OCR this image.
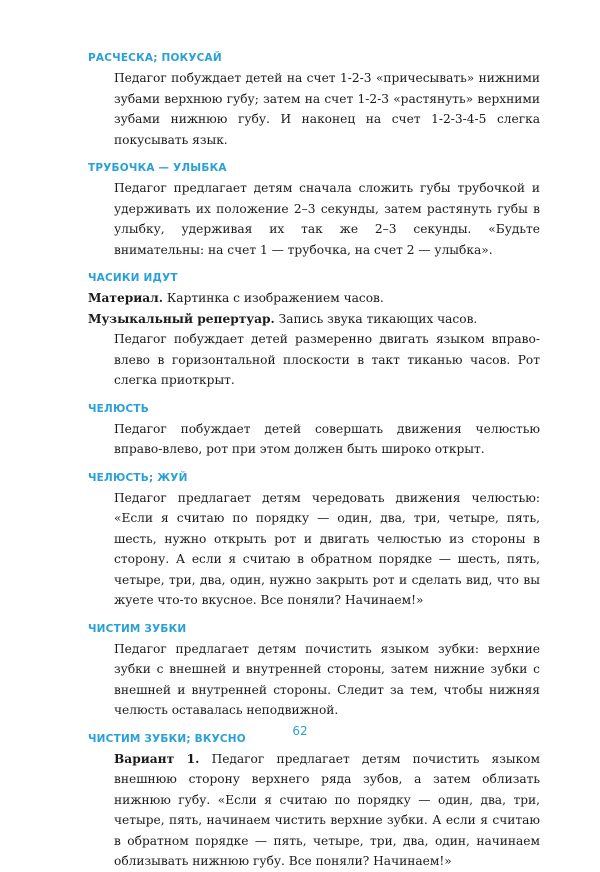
РАСЧЕСКА; ПОКУСАЙ

Педагог побуждает детей на счет 1-2-3 «причесывать» нижними зубами верхнюю губу; затем на счет 1-2-3 «растянуть» верхними зубами нижнюю губу. И наконец на счет 1-2-3-4-5 слегка покусывать язык.

ТРУБОЧКА — УЛЫБКА

Педагог предлагает детям сначала сложить губы трубочкой и удерживать их положение 2–3 секунды, затем растянуть губы в улыбку, удерживая их так же 2–3 секунды. «Будьте внимательны: на счет 1 — трубочка, на счет 2 — улыбка».

ЧАСИКИ ИДУТ

Материал. Картинка с изображением часов.

Музыкальный репертуар. Запись звука тикающих часов.

Педагог побуждает детей размеренно двигать языком вправо-влево в горизонтальной плоскости в такт тиканью часов. Рот слегка приоткрыт.

ЧЕЛЮСТЬ

Педагог побуждает детей совершать движения челюстью вправо-влево, рот при этом должен быть широко открыт.

ЧЕЛЮСТЬ; ЖУЙ

Педагог предлагает детям чередовать движения челюстью: «Если я считаю по порядку — один, два, три, четыре, пять, шесть, нужно открыть рот и двигать челюстью из стороны в сторону. А если я считаю в обратном порядке — шесть, пять, четыре, три, два, один, нужно закрыть рот и сделать вид, что вы жуете что-то вкусное. Все поняли? Начинаем!»

ЧИСТИМ ЗУБКИ

Педагог предлагает детям почистить языком зубки: верхние зубки с внешней и внутренней стороны, затем нижние зубки с внешней и внутренней стороны. Следит за тем, чтобы нижняя челюсть оставалась неподвижной.

ЧИСТИМ ЗУБКИ; ВКУСНО

Вариант 1. Педагог предлагает детям почистить языком внешнюю сторону верхнего ряда зубов, а затем облизать нижнюю губу. «Если я считаю по порядку — один, два, три, четыре, пять, начинаем чистить верхние зубки. А если я считаю в обратном порядке — пять, четыре, три, два, один, начинаем облизывать нижнюю губу. Все поняли? Начинаем!»

62
